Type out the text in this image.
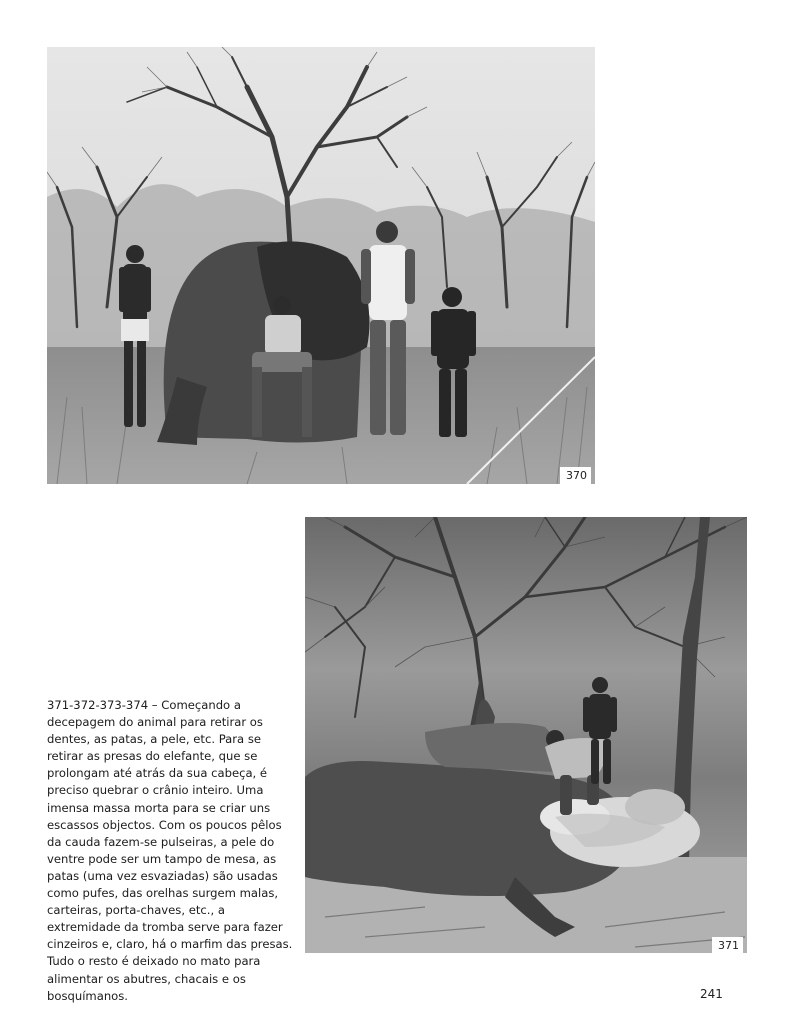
370
371
371-372-373-374 – Começando a decepagem do animal para retirar os dentes, as patas, a pele, etc. Para se retirar as presas do elefante, que se prolongam até atrás da sua cabeça, é preciso quebrar o crânio inteiro. Uma imensa massa morta para se criar uns escassos objectos. Com os poucos pêlos da cauda fazem-se pulseiras, a pele do ventre pode ser um tampo de mesa, as patas (uma vez esvaziadas) são usadas como pufes, das orelhas surgem malas, carteiras, porta-chaves, etc., a extremidade da tromba serve para fazer cinzeiros e, claro, há o marfim das presas. Tudo o resto é deixado no mato para alimentar os abutres, chacais e os bosquímanos.	241
